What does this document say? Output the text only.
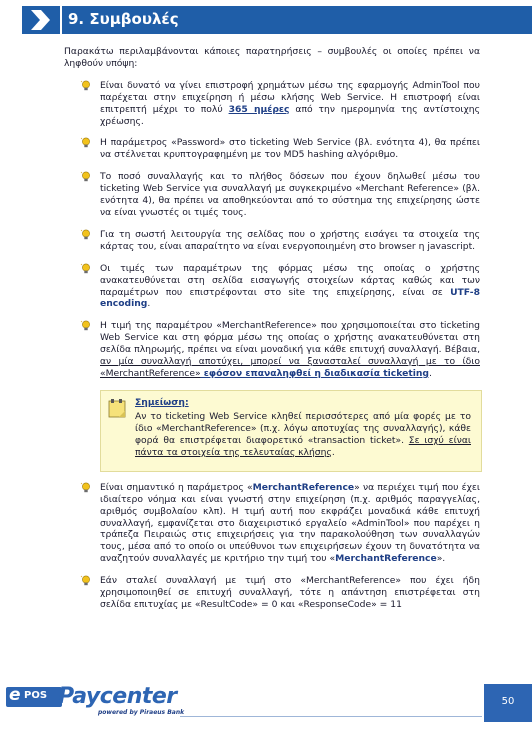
9. Συμβουλές

Παρακάτω περιλαμβάνονται κάποιες παρατηρήσεις – συμβουλές οι οποίες πρέπει να ληφθούν υπόψη:

Είναι δυνατό να γίνει επιστροφή χρημάτων μέσω της εφαρμογής AdminTool που παρέχεται στην επιχείρηση ή μέσω κλήσης Web Service. Η επιστροφή είναι επιτρεπτή μέχρι το πολύ 365 ημέρες από την ημερομηνία της αντίστοιχης χρέωσης.
Η παράμετρος «Password» στο ticketing Web Service (βλ. ενότητα 4), θα πρέπει να στέλνεται κρυπτογραφημένη με τον MD5 hashing αλγόριθμο.
Το ποσό συναλλαγής και το πλήθος δόσεων που έχουν δηλωθεί μέσω του ticketing Web Service για συναλλαγή με συγκεκριμένο «Merchant Reference» (βλ. ενότητα 4), θα πρέπει να αποθηκεύονται από το σύστημα της επιχείρησης ώστε να είναι γνωστές οι τιμές τους.
Για τη σωστή λειτουργία της σελίδας που ο χρήστης εισάγει τα στοιχεία της κάρτας του, είναι απαραίτητο να είναι ενεργοποιημένη στο browser η javascript.
Οι τιμές των παραμέτρων της φόρμας μέσω της οποίας ο χρήστης ανακατευθύνεται στη σελίδα εισαγωγής στοιχείων κάρτας καθώς και των παραμέτρων που επιστρέφονται στο site της επιχείρησης, είναι σε UTF-8 encoding.
Η τιμή της παραμέτρου «MerchantReference» που χρησιμοποιείται στο ticketing Web Service και στη φόρμα μέσω της οποίας ο χρήστης ανακατευθύνεται στη σελίδα πληρωμής, πρέπει να είναι μοναδική για κάθε επιτυχή συναλλαγή. Βέβαια, αν μία συναλλαγή αποτύχει, μπορεί να ξανασταλεί συναλλαγή με το ίδιο «MerchantReference» εφόσον επαναληφθεί η διαδικασία ticketing.
Σημείωση:
Αν το ticketing Web Service κληθεί περισσότερες από μία φορές με το ίδιο «MerchantReference» (π.χ. λόγω αποτυχίας της συναλλαγής), κάθε φορά θα επιστρέφεται διαφορετικό «transaction ticket». Σε ισχύ είναι πάντα τα στοιχεία της τελευταίας κλήσης.
Είναι σημαντικό η παράμετρος «MerchantReference» να περιέχει τιμή που έχει ιδιαίτερο νόημα και είναι γνωστή στην επιχείρηση (π.χ. αριθμός παραγγελίας, αριθμός συμβολαίου κλπ). Η τιμή αυτή που εκφράζει μοναδικά κάθε επιτυχή συναλλαγή, εμφανίζεται στο διαχειριστικό εργαλείο «AdminTool» που παρέχει η τράπεζα Πειραιώς στις επιχειρήσεις για την παρακολούθηση των συναλλαγών τους, μέσα από το οποίο οι υπεύθυνοι των επιχειρήσεων έχουν τη δυνατότητα να αναζητούν συναλλαγές με κριτήριο την τιμή του «MerchantReference».
Εάν σταλεί συναλλαγή με τιμή στο «MerchantReference» που έχει ήδη χρησιμοποιηθεί σε επιτυχή συναλλαγή, τότε η απάντηση επιστρέφεται στη σελίδα επιτυχίας με «ResultCode» = 0 και «ResponseCode» = 11
e POS Paycenter
powered by Piraeus Bank
50
